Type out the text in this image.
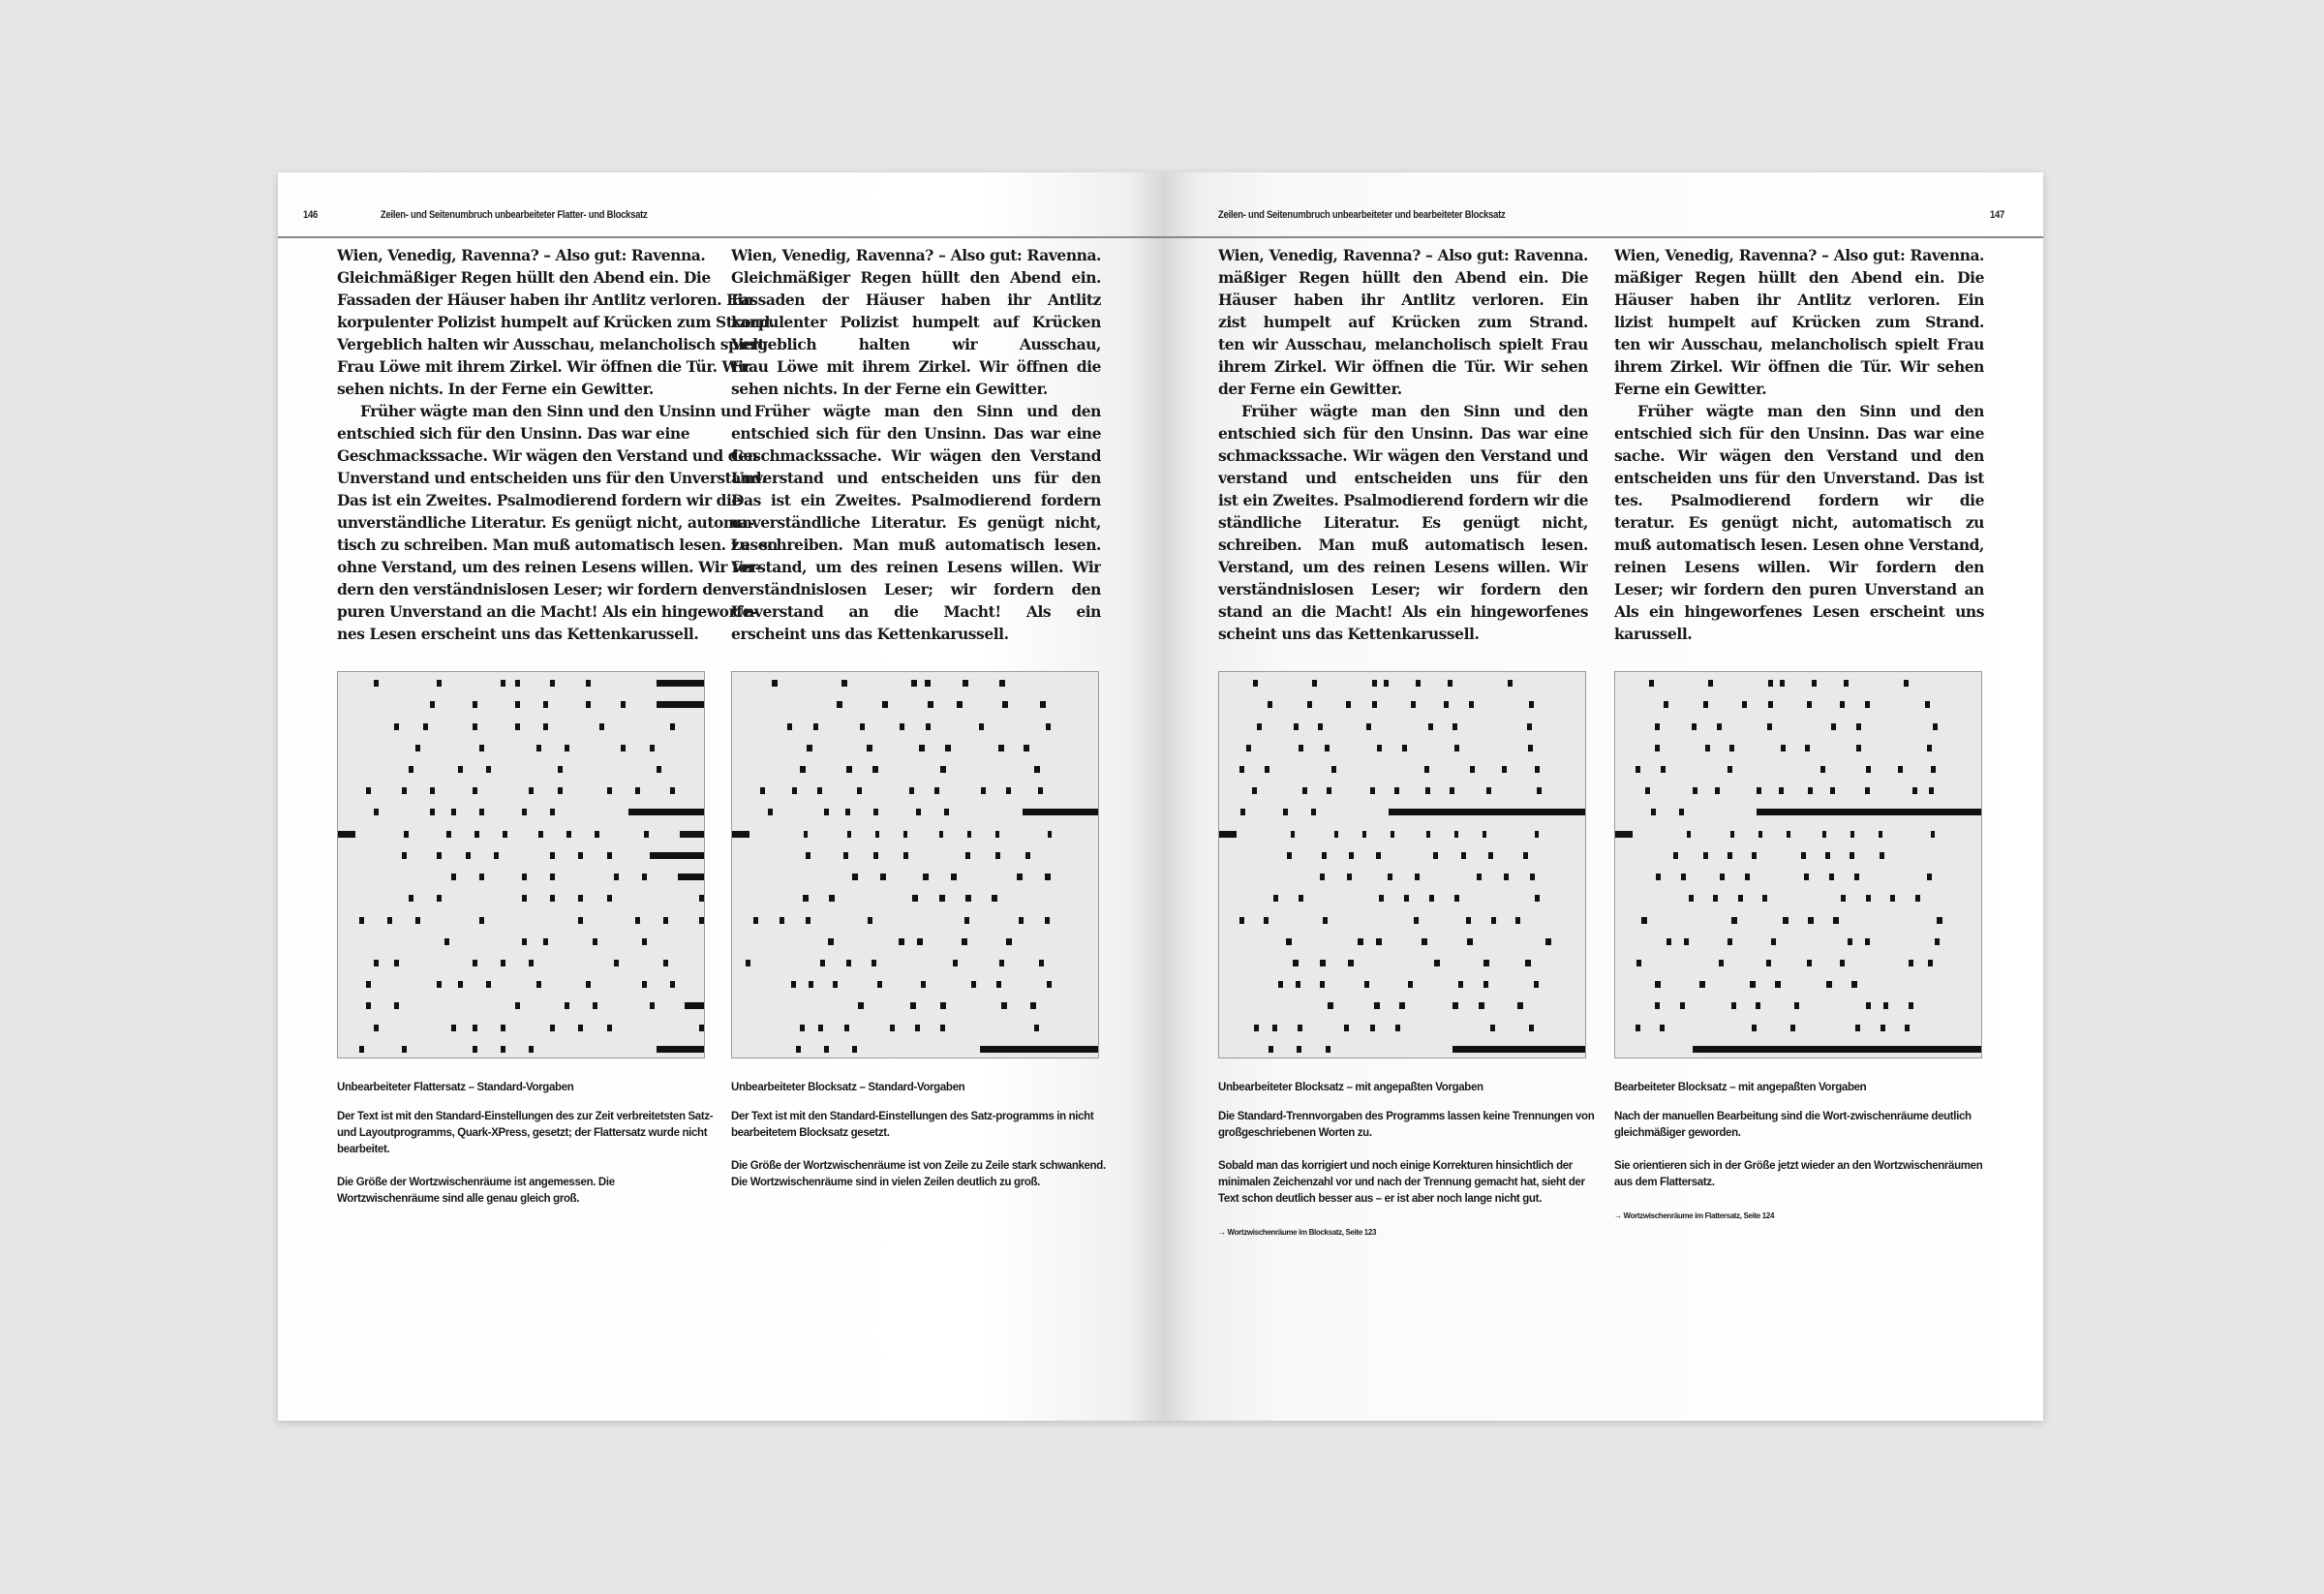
146	Zeilen- und Seitenumbruch unbearbeiteter Flatter- und Blocksatz	Zeilen- und Seitenumbruch unbearbeiteter und bearbeiteter Blocksatz	147
Wien, Venedig, Ravenna? – Also gut: Ravenna.
Gleichmäßiger Regen hüllt den Abend ein. Die
Fassaden der Häuser haben ihr Antlitz verloren. Ein
korpulenter Polizist humpelt auf Krücken zum Strand.
Vergeblich halten wir Ausschau, melancholisch spielt
Frau Löwe mit ihrem Zirkel. Wir öffnen die Tür. Wir
sehen nichts. In der Ferne ein Gewitter.
Früher wägte man den Sinn und den Unsinn und
entschied sich für den Unsinn. Das war eine
Geschmackssache. Wir wägen den Verstand und den
Unverstand und entscheiden uns für den Unverstand.
Das ist ein Zweites. Psalmodierend fordern wir die
unverständliche Literatur. Es genügt nicht, automa-
tisch zu schreiben. Man muß automatisch lesen. Lesen
ohne Verstand, um des reinen Lesens willen. Wir for-
dern den verständnislosen Leser; wir fordern den
puren Unverstand an die Macht! Als ein hingeworfe-
nes Lesen erscheint uns das Kettenkarussell.
Wien, Venedig, Ravenna? – Also gut: Ravenna.
Gleichmäßiger Regen hüllt den Abend ein.
Fassaden der Häuser haben ihr Antlitz
korpulenter Polizist humpelt auf Krücken
Vergeblich halten wir Ausschau,
Frau Löwe mit ihrem Zirkel. Wir öffnen die
sehen nichts. In der Ferne ein Gewitter.
Früher wägte man den Sinn und den
entschied sich für den Unsinn. Das war eine
Geschmackssache. Wir wägen den Verstand
Unverstand und entscheiden uns für den
Das ist ein Zweites. Psalmodierend fordern
unverständliche Literatur. Es genügt nicht,
zu schreiben. Man muß automatisch lesen.
Verstand, um des reinen Lesens willen. Wir
verständnislosen Leser; wir fordern den
Unverstand an die Macht! Als ein
erscheint uns das Kettenkarussell.
Wien, Venedig, Ravenna? – Also gut: Ravenna.
mäßiger Regen hüllt den Abend ein. Die
Häuser haben ihr Antlitz verloren. Ein
zist humpelt auf Krücken zum Strand.
ten wir Ausschau, melancholisch spielt Frau
ihrem Zirkel. Wir öffnen die Tür. Wir sehen
der Ferne ein Gewitter.
Früher wägte man den Sinn und den
entschied sich für den Unsinn. Das war eine
schmackssache. Wir wägen den Verstand und
verstand und entscheiden uns für den
ist ein Zweites. Psalmodierend fordern wir die
ständliche Literatur. Es genügt nicht,
schreiben. Man muß automatisch lesen.
Verstand, um des reinen Lesens willen. Wir
verständnislosen Leser; wir fordern den
stand an die Macht! Als ein hingeworfenes
scheint uns das Kettenkarussell.
Wien, Venedig, Ravenna? – Also gut: Ravenna.
mäßiger Regen hüllt den Abend ein. Die
Häuser haben ihr Antlitz verloren. Ein
lizist humpelt auf Krücken zum Strand.
ten wir Ausschau, melancholisch spielt Frau
ihrem Zirkel. Wir öffnen die Tür. Wir sehen
Ferne ein Gewitter.
Früher wägte man den Sinn und den
entschied sich für den Unsinn. Das war eine
sache. Wir wägen den Verstand und den
entscheiden uns für den Unverstand. Das ist
tes. Psalmodierend fordern wir die
teratur. Es genügt nicht, automatisch zu
muß automatisch lesen. Lesen ohne Verstand,
reinen Lesens willen. Wir fordern den
Leser; wir fordern den puren Unverstand an
Als ein hingeworfenes Lesen erscheint uns
karussell.
Unbearbeiteter Flattersatz – Standard-Vorgaben
Der Text ist mit den Standard-Einstellungen des zur Zeit verbreitetsten Satz- und Layoutprogramms, Quark-XPress, gesetzt; der Flattersatz wurde nicht bearbeitet.
Die Größe der Wortzwischenräume ist angemessen. Die Wortzwischenräume sind alle genau gleich groß.
Unbearbeiteter Blocksatz – Standard-Vorgaben
Der Text ist mit den Standard-Einstellungen des Satz-programms in nicht bearbeitetem Blocksatz gesetzt.
Die Größe der Wortzwischenräume ist von Zeile zu Zeile stark schwankend. Die Wortzwischenräume sind in vielen Zeilen deutlich zu groß.
Unbearbeiteter Blocksatz – mit angepaßten Vorgaben
Die Standard-Trennvorgaben des Programms lassen keine Trennungen von großgeschriebenen Worten zu.
Sobald man das korrigiert und noch einige Korrekturen hinsichtlich der minimalen Zeichenzahl vor und nach der Trennung gemacht hat, sieht der Text schon deutlich besser aus – er ist aber noch lange nicht gut.
→ Wortzwischenräume im Blocksatz, Seite 123
Bearbeiteter Blocksatz – mit angepaßten Vorgaben
Nach der manuellen Bearbeitung sind die Wort-zwischenräume deutlich gleichmäßiger geworden.
Sie orientieren sich in der Größe jetzt wieder an den Wortzwischenräumen aus dem Flattersatz.
→ Wortzwischenräume im Flattersatz, Seite 124
